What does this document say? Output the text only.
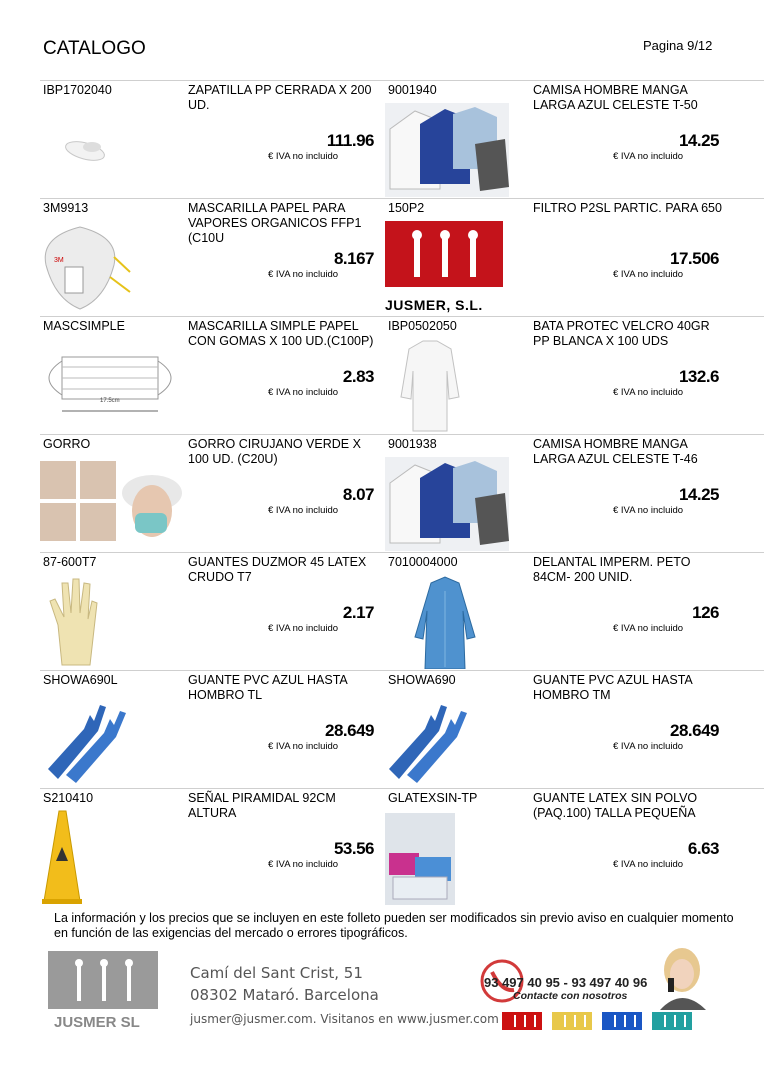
CATALOGO	Pagina 9/12
IBP1702040	ZAPATILLA PP CERRADA X 200 UD.
111.96
€ IVA no incluido
9001940	CAMISA HOMBRE MANGA LARGA AZUL CELESTE T-50
14.25
€ IVA no incluido
3M9913
3M
MASCARILLA PAPEL PARA VAPORES ORGANICOS FFP1 (C10U
8.167
€ IVA no incluido
150P2
JUSMER, S.L.
FILTRO P2SL PARTIC. PARA 650
17.506
€ IVA no incluido
MASCSIMPLE
17.5cm
MASCARILLA SIMPLE PAPEL CON GOMAS X 100 UD.(C100P)
2.83
€ IVA no incluido
IBP0502050	BATA PROTEC VELCRO 40GR PP BLANCA X 100 UDS
132.6
€ IVA no incluido
GORRO	GORRO CIRUJANO VERDE X 100 UD. (C20U)
8.07
€ IVA no incluido
9001938	CAMISA HOMBRE MANGA LARGA AZUL CELESTE T-46
14.25
€ IVA no incluido
87-600T7	GUANTES DUZMOR 45 LATEX CRUDO T7
2.17
€ IVA no incluido
7010004000	DELANTAL IMPERM. PETO 84CM- 200 UNID.
126
€ IVA no incluido
SHOWA690L	GUANTE PVC AZUL HASTA HOMBRO TL
28.649
€ IVA no incluido
SHOWA690	GUANTE PVC AZUL HASTA HOMBRO TM
28.649
€ IVA no incluido
S210410	SEÑAL PIRAMIDAL 92CM ALTURA
53.56
€ IVA no incluido
GLATEXSIN-TP	GUANTE LATEX SIN POLVO (PAQ.100) TALLA PEQUEÑA
6.63
€ IVA no incluido
La información y los precios que se incluyen en este folleto pueden ser modificados sin previo aviso en cualquier momento en función de las exigencias del mercado o errores tipográficos.
JUSMER SL
Camí del Sant Crist, 51
08302 Mataró. Barcelona
jusmer@jusmer.com. Visitanos en www.jusmer.com
93 497 40 95 - 93 497 40 96
Contacte con nosotros
